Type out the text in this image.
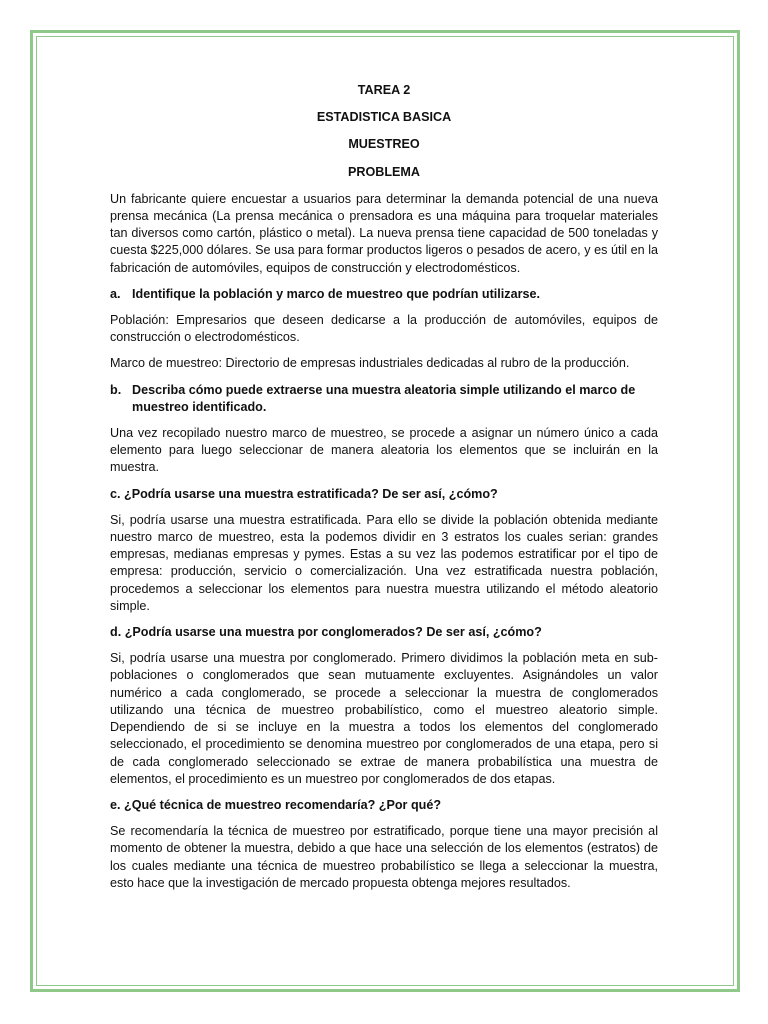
TAREA 2
ESTADISTICA BASICA
MUESTREO
PROBLEMA

Un fabricante quiere encuestar a usuarios para determinar la demanda potencial de una nueva prensa mecánica (La prensa mecánica o prensadora es una máquina para troquelar materiales tan diversos como cartón, plástico o metal). La nueva prensa tiene capacidad de 500 toneladas y cuesta $225,000 dólares. Se usa para formar productos ligeros o pesados de acero, y es útil en la fabricación de automóviles, equipos de construcción y electrodomésticos.

a. Identifique la población y marco de muestreo que podrían utilizarse.

Población: Empresarios que deseen dedicarse a la producción de automóviles, equipos de construcción o electrodomésticos.

Marco de muestreo: Directorio de empresas industriales dedicadas al rubro de la producción.

b. Describa cómo puede extraerse una muestra aleatoria simple utilizando el marco de muestreo identificado.

Una vez recopilado nuestro marco de muestreo, se procede a asignar un número único a cada elemento para luego seleccionar de manera aleatoria los elementos que se incluirán en la muestra.

c. ¿Podría usarse una muestra estratificada? De ser así, ¿cómo?

Si, podría usarse una muestra estratificada. Para ello se divide la población obtenida mediante nuestro marco de muestreo, esta la podemos dividir en 3 estratos los cuales serian: grandes empresas, medianas empresas y pymes. Estas a su vez las podemos estratificar por el tipo de empresa: producción, servicio o comercialización. Una vez estratificada nuestra población, procedemos a seleccionar los elementos para nuestra muestra utilizando el método aleatorio simple.

d. ¿Podría usarse una muestra por conglomerados? De ser así, ¿cómo?

Si, podría usarse una muestra por conglomerado. Primero dividimos la población meta en sub-poblaciones o conglomerados que sean mutuamente excluyentes. Asignándoles un valor numérico a cada conglomerado, se procede a seleccionar la muestra de conglomerados utilizando una técnica de muestreo probabilístico, como el muestreo aleatorio simple. Dependiendo de si se incluye en la muestra a todos los elementos del conglomerado seleccionado, el procedimiento se denomina muestreo por conglomerados de una etapa, pero si de cada conglomerado seleccionado se extrae de manera probabilística una muestra de elementos, el procedimiento es un muestreo por conglomerados de dos etapas.

e. ¿Qué técnica de muestreo recomendaría? ¿Por qué?

Se recomendaría la técnica de muestreo por estratificado, porque tiene una mayor precisión al momento de obtener la muestra, debido a que hace una selección de los elementos (estratos) de los cuales mediante una técnica de muestreo probabilístico se llega a seleccionar la muestra, esto hace que la investigación de mercado propuesta obtenga mejores resultados.
